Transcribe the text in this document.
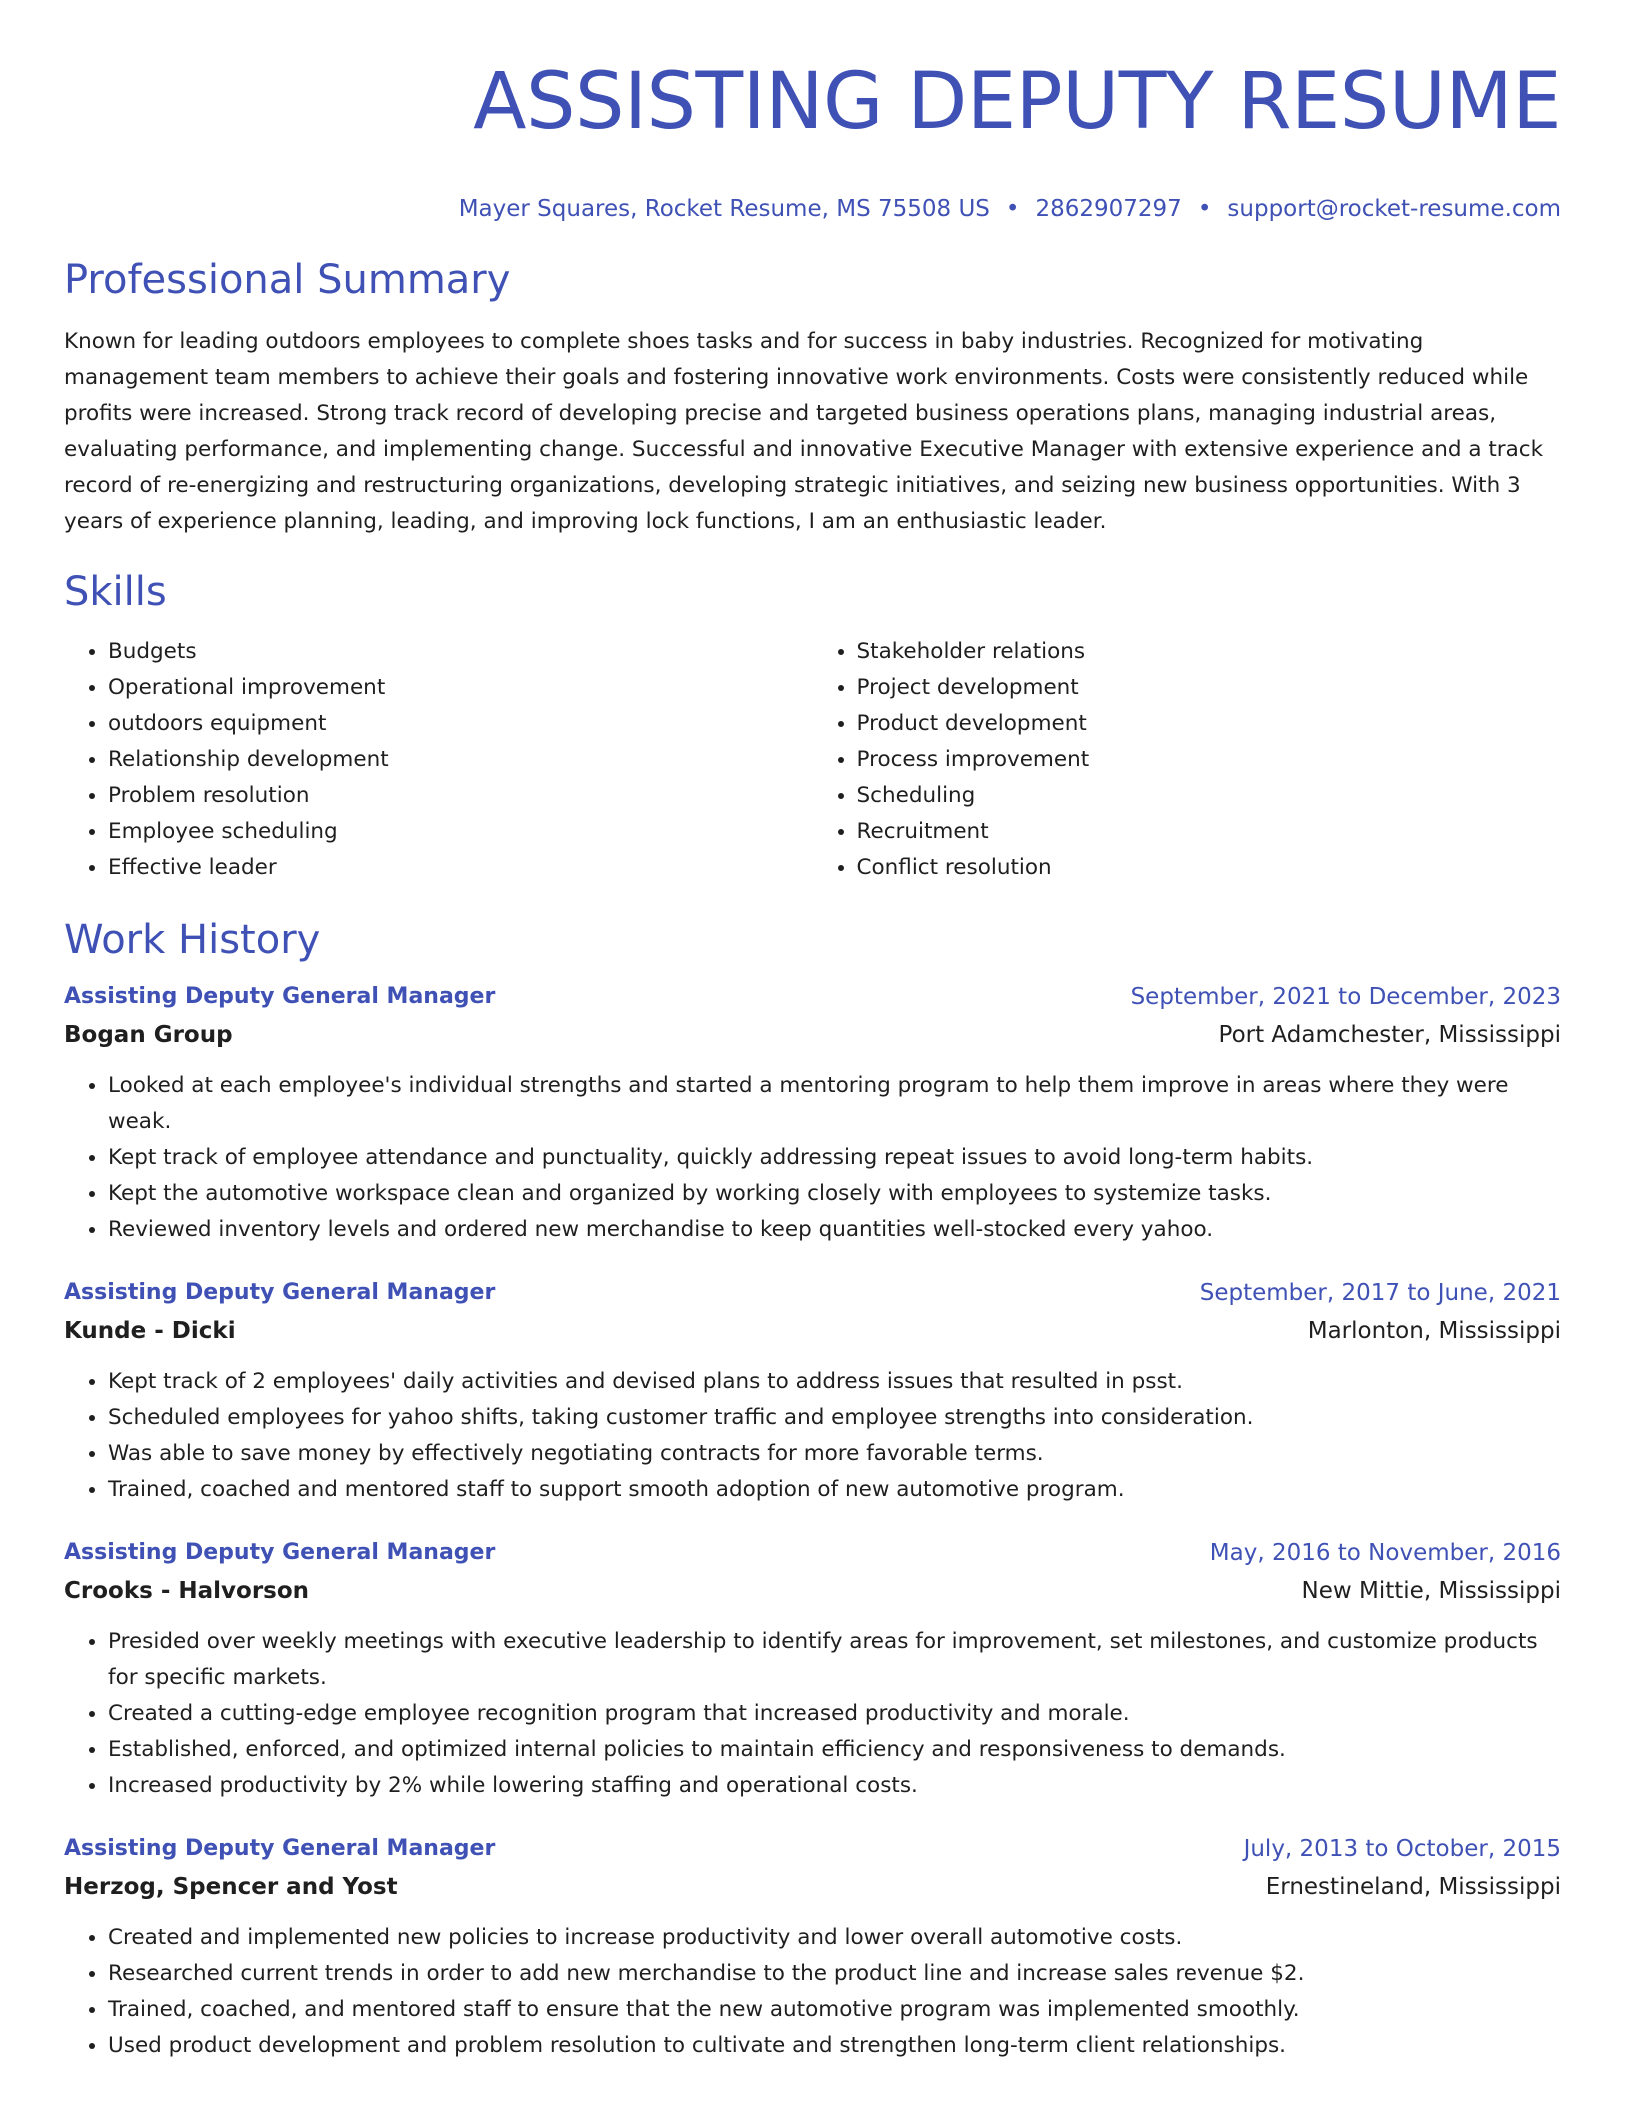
ASSISTING DEPUTY RESUME
Mayer Squares, Rocket Resume, MS 75508 US • 2862907297 • support@rocket-resume.com
Professional Summary
Known for leading outdoors employees to complete shoes tasks and for success in baby industries. Recognized for motivating management team members to achieve their goals and fostering innovative work environments. Costs were consistently reduced while profits were increased. Strong track record of developing precise and targeted business operations plans, managing industrial areas, evaluating performance, and implementing change. Successful and innovative Executive Manager with extensive experience and a track record of re-energizing and restructuring organizations, developing strategic initiatives, and seizing new business opportunities. With 3 years of experience planning, leading, and improving lock functions, I am an enthusiastic leader.
Skills
• Budgets
• Operational improvement
• outdoors equipment
• Relationship development
• Problem resolution
• Employee scheduling
• Effective leader
• Stakeholder relations
• Project development
• Product development
• Process improvement
• Scheduling
• Recruitment
• Conflict resolution
Work History
Assisting Deputy General Manager	September, 2021 to December, 2023
Bogan Group	Port Adamchester, Mississippi
• Looked at each employee's individual strengths and started a mentoring program to help them improve in areas where they were weak.
• Kept track of employee attendance and punctuality, quickly addressing repeat issues to avoid long-term habits.
• Kept the automotive workspace clean and organized by working closely with employees to systemize tasks.
• Reviewed inventory levels and ordered new merchandise to keep quantities well-stocked every yahoo.
Assisting Deputy General Manager	September, 2017 to June, 2021
Kunde - Dicki	Marlonton, Mississippi
• Kept track of 2 employees' daily activities and devised plans to address issues that resulted in psst.
• Scheduled employees for yahoo shifts, taking customer traffic and employee strengths into consideration.
• Was able to save money by effectively negotiating contracts for more favorable terms.
• Trained, coached and mentored staff to support smooth adoption of new automotive program.
Assisting Deputy General Manager	May, 2016 to November, 2016
Crooks - Halvorson	New Mittie, Mississippi
• Presided over weekly meetings with executive leadership to identify areas for improvement, set milestones, and customize products for specific markets.
• Created a cutting-edge employee recognition program that increased productivity and morale.
• Established, enforced, and optimized internal policies to maintain efficiency and responsiveness to demands.
• Increased productivity by 2% while lowering staffing and operational costs.
Assisting Deputy General Manager	July, 2013 to October, 2015
Herzog, Spencer and Yost	Ernestineland, Mississippi
• Created and implemented new policies to increase productivity and lower overall automotive costs.
• Researched current trends in order to add new merchandise to the product line and increase sales revenue $2.
• Trained, coached, and mentored staff to ensure that the new automotive program was implemented smoothly.
• Used product development and problem resolution to cultivate and strengthen long-term client relationships.
